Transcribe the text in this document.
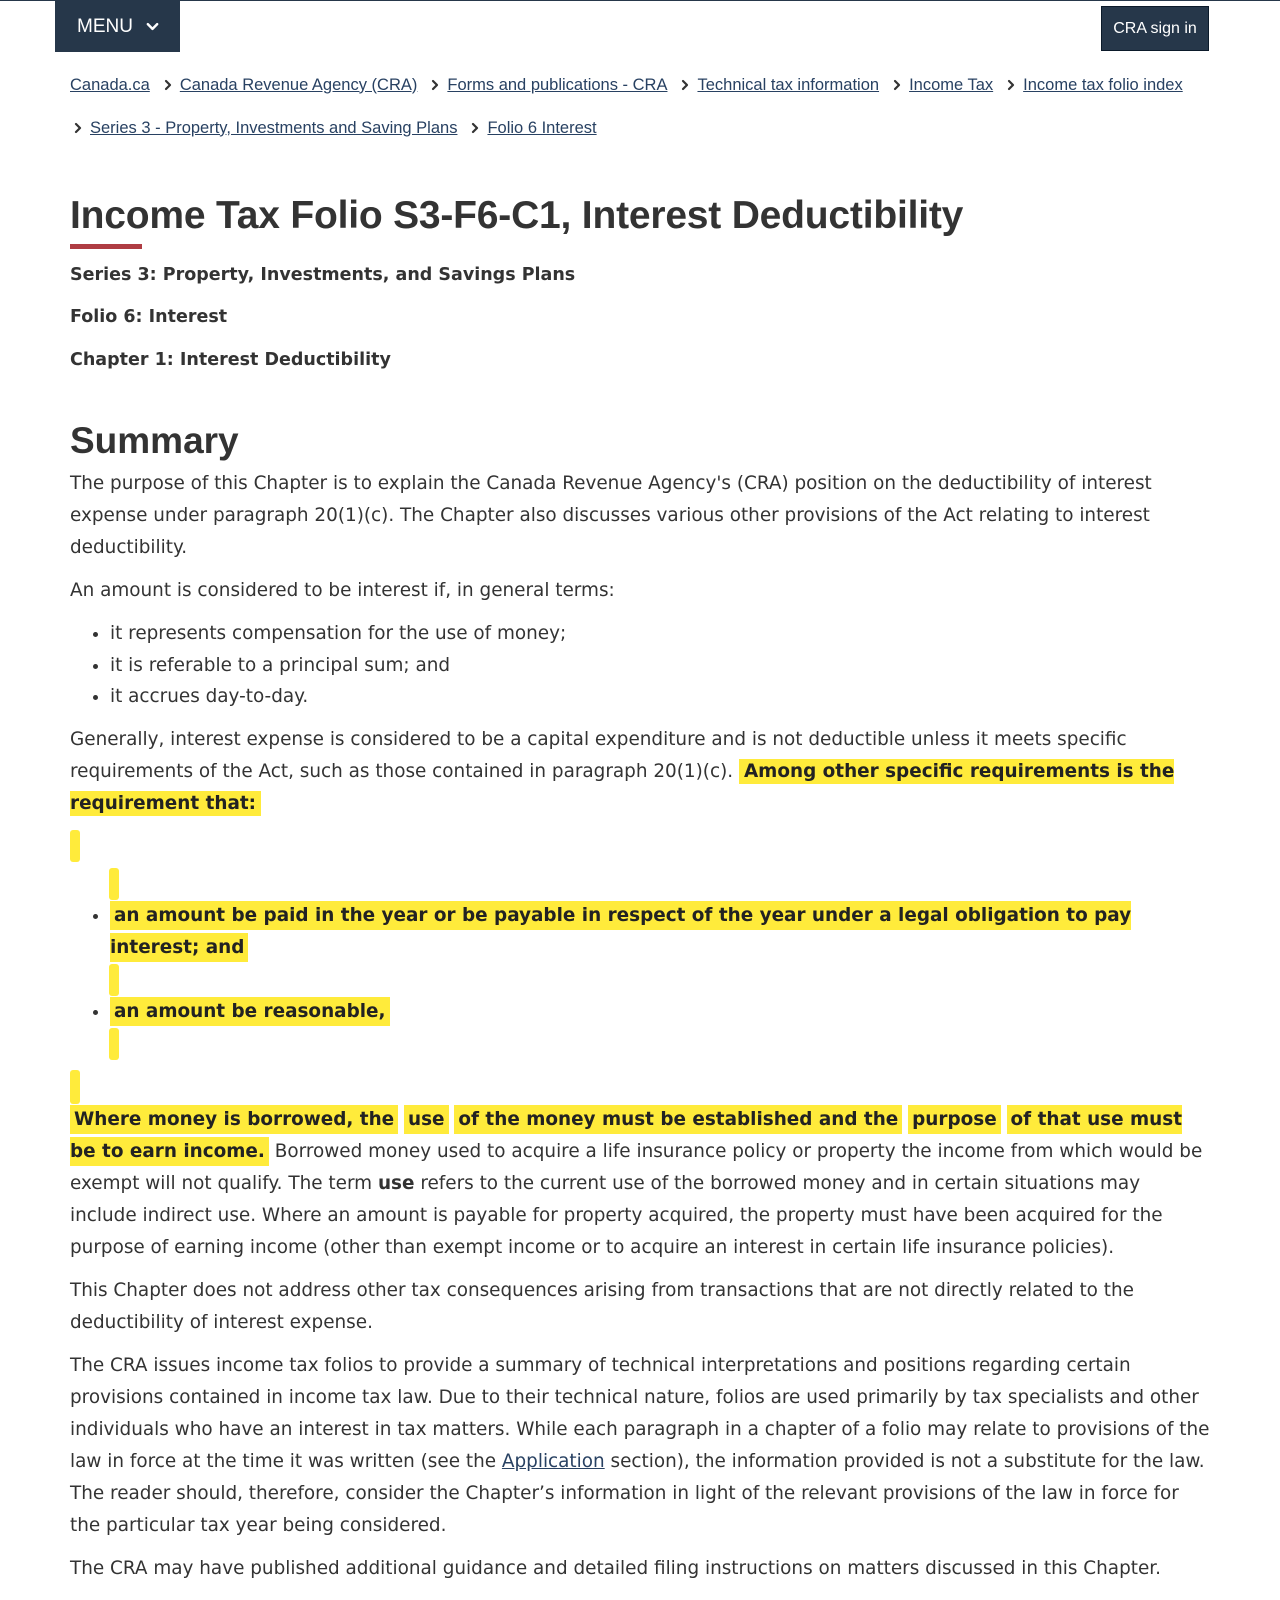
MENU	CRA sign in
Canada.ca Canada Revenue Agency (CRA) Forms and publications - CRA Technical tax information Income Tax Income tax folio index
Series 3 - Property, Investments and Saving Plans Folio 6 Interest
Income Tax Folio S3-F6-C1, Interest Deductibility
Series 3: Property, Investments, and Savings Plans
Folio 6: Interest
Chapter 1: Interest Deductibility
Summary

The purpose of this Chapter is to explain the Canada Revenue Agency's (CRA) position on the deductibility of interest expense under paragraph 20(1)(c). The Chapter also discusses various other provisions of the Act relating to interest deductibility.

An amount is considered to be interest if, in general terms:

• it represents compensation for the use of money;
• it is referable to a principal sum; and
• it accrues day-to-day.

Generally, interest expense is considered to be a capital expenditure and is not deductible unless it meets specific requirements of the Act, such as those contained in paragraph 20(1)(c). Among other specific requirements is the requirement that:

• an amount be paid in the year or be payable in respect of the year under a legal obligation to pay interest; and
• an amount be reasonable,

Where money is borrowed, the use of the money must be established and the purpose of that use must be to earn income. Borrowed money used to acquire a life insurance policy or property the income from which would be exempt will not qualify. The term use refers to the current use of the borrowed money and in certain situations may include indirect use. Where an amount is payable for property acquired, the property must have been acquired for the purpose of earning income (other than exempt income or to acquire an interest in certain life insurance policies).

This Chapter does not address other tax consequences arising from transactions that are not directly related to the deductibility of interest expense.

The CRA issues income tax folios to provide a summary of technical interpretations and positions regarding certain provisions contained in income tax law. Due to their technical nature, folios are used primarily by tax specialists and other individuals who have an interest in tax matters. While each paragraph in a chapter of a folio may relate to provisions of the law in force at the time it was written (see the Application section), the information provided is not a substitute for the law. The reader should, therefore, consider the Chapter’s information in light of the relevant provisions of the law in force for the particular tax year being considered.

The CRA may have published additional guidance and detailed filing instructions on matters discussed in this Chapter.
